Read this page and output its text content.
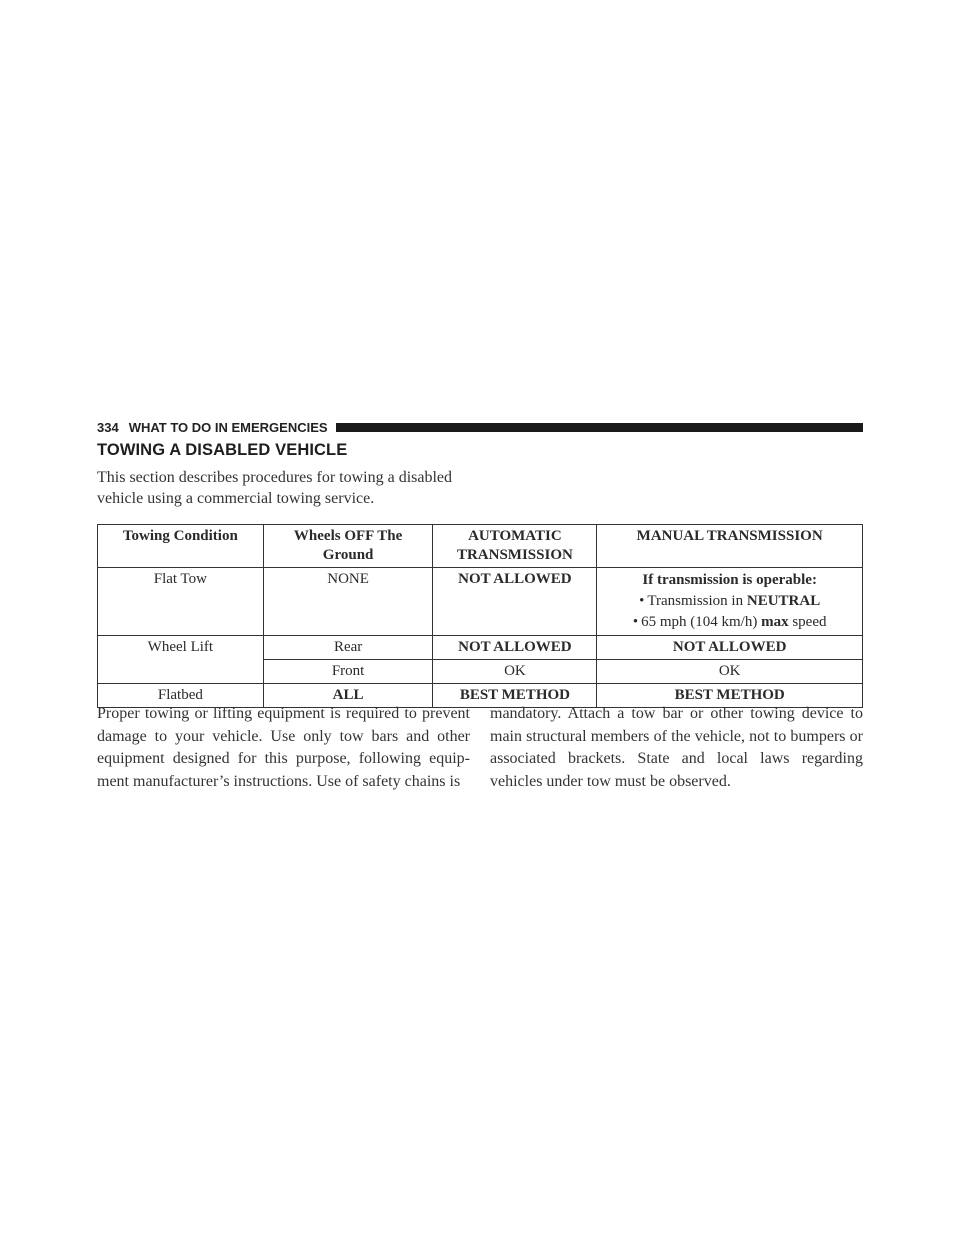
334 WHAT TO DO IN EMERGENCIES
TOWING A DISABLED VEHICLE
This section describes procedures for towing a disabled vehicle using a commercial towing service.
Towing Condition	Wheels OFF The Ground	AUTOMATIC TRANSMISSION	MANUAL TRANSMISSION
Flat Tow	NONE	NOT ALLOWED	If transmission is operable:
• Transmission in NEUTRAL
• 65 mph (104 km/h) max speed

Wheel Lift	Rear	NOT ALLOWED	NOT ALLOWED
	Front	OK	OK
Flatbed	ALL	BEST METHOD	BEST METHOD
Proper towing or lifting equipment is required to prevent damage to your vehicle. Use only tow bars and other equipment designed for this purpose, following equip-ment manufacturer’s instructions. Use of safety chains is
mandatory. Attach a tow bar or other towing device to main structural members of the vehicle, not to bumpers or associated brackets. State and local laws regarding vehicles under tow must be observed.
